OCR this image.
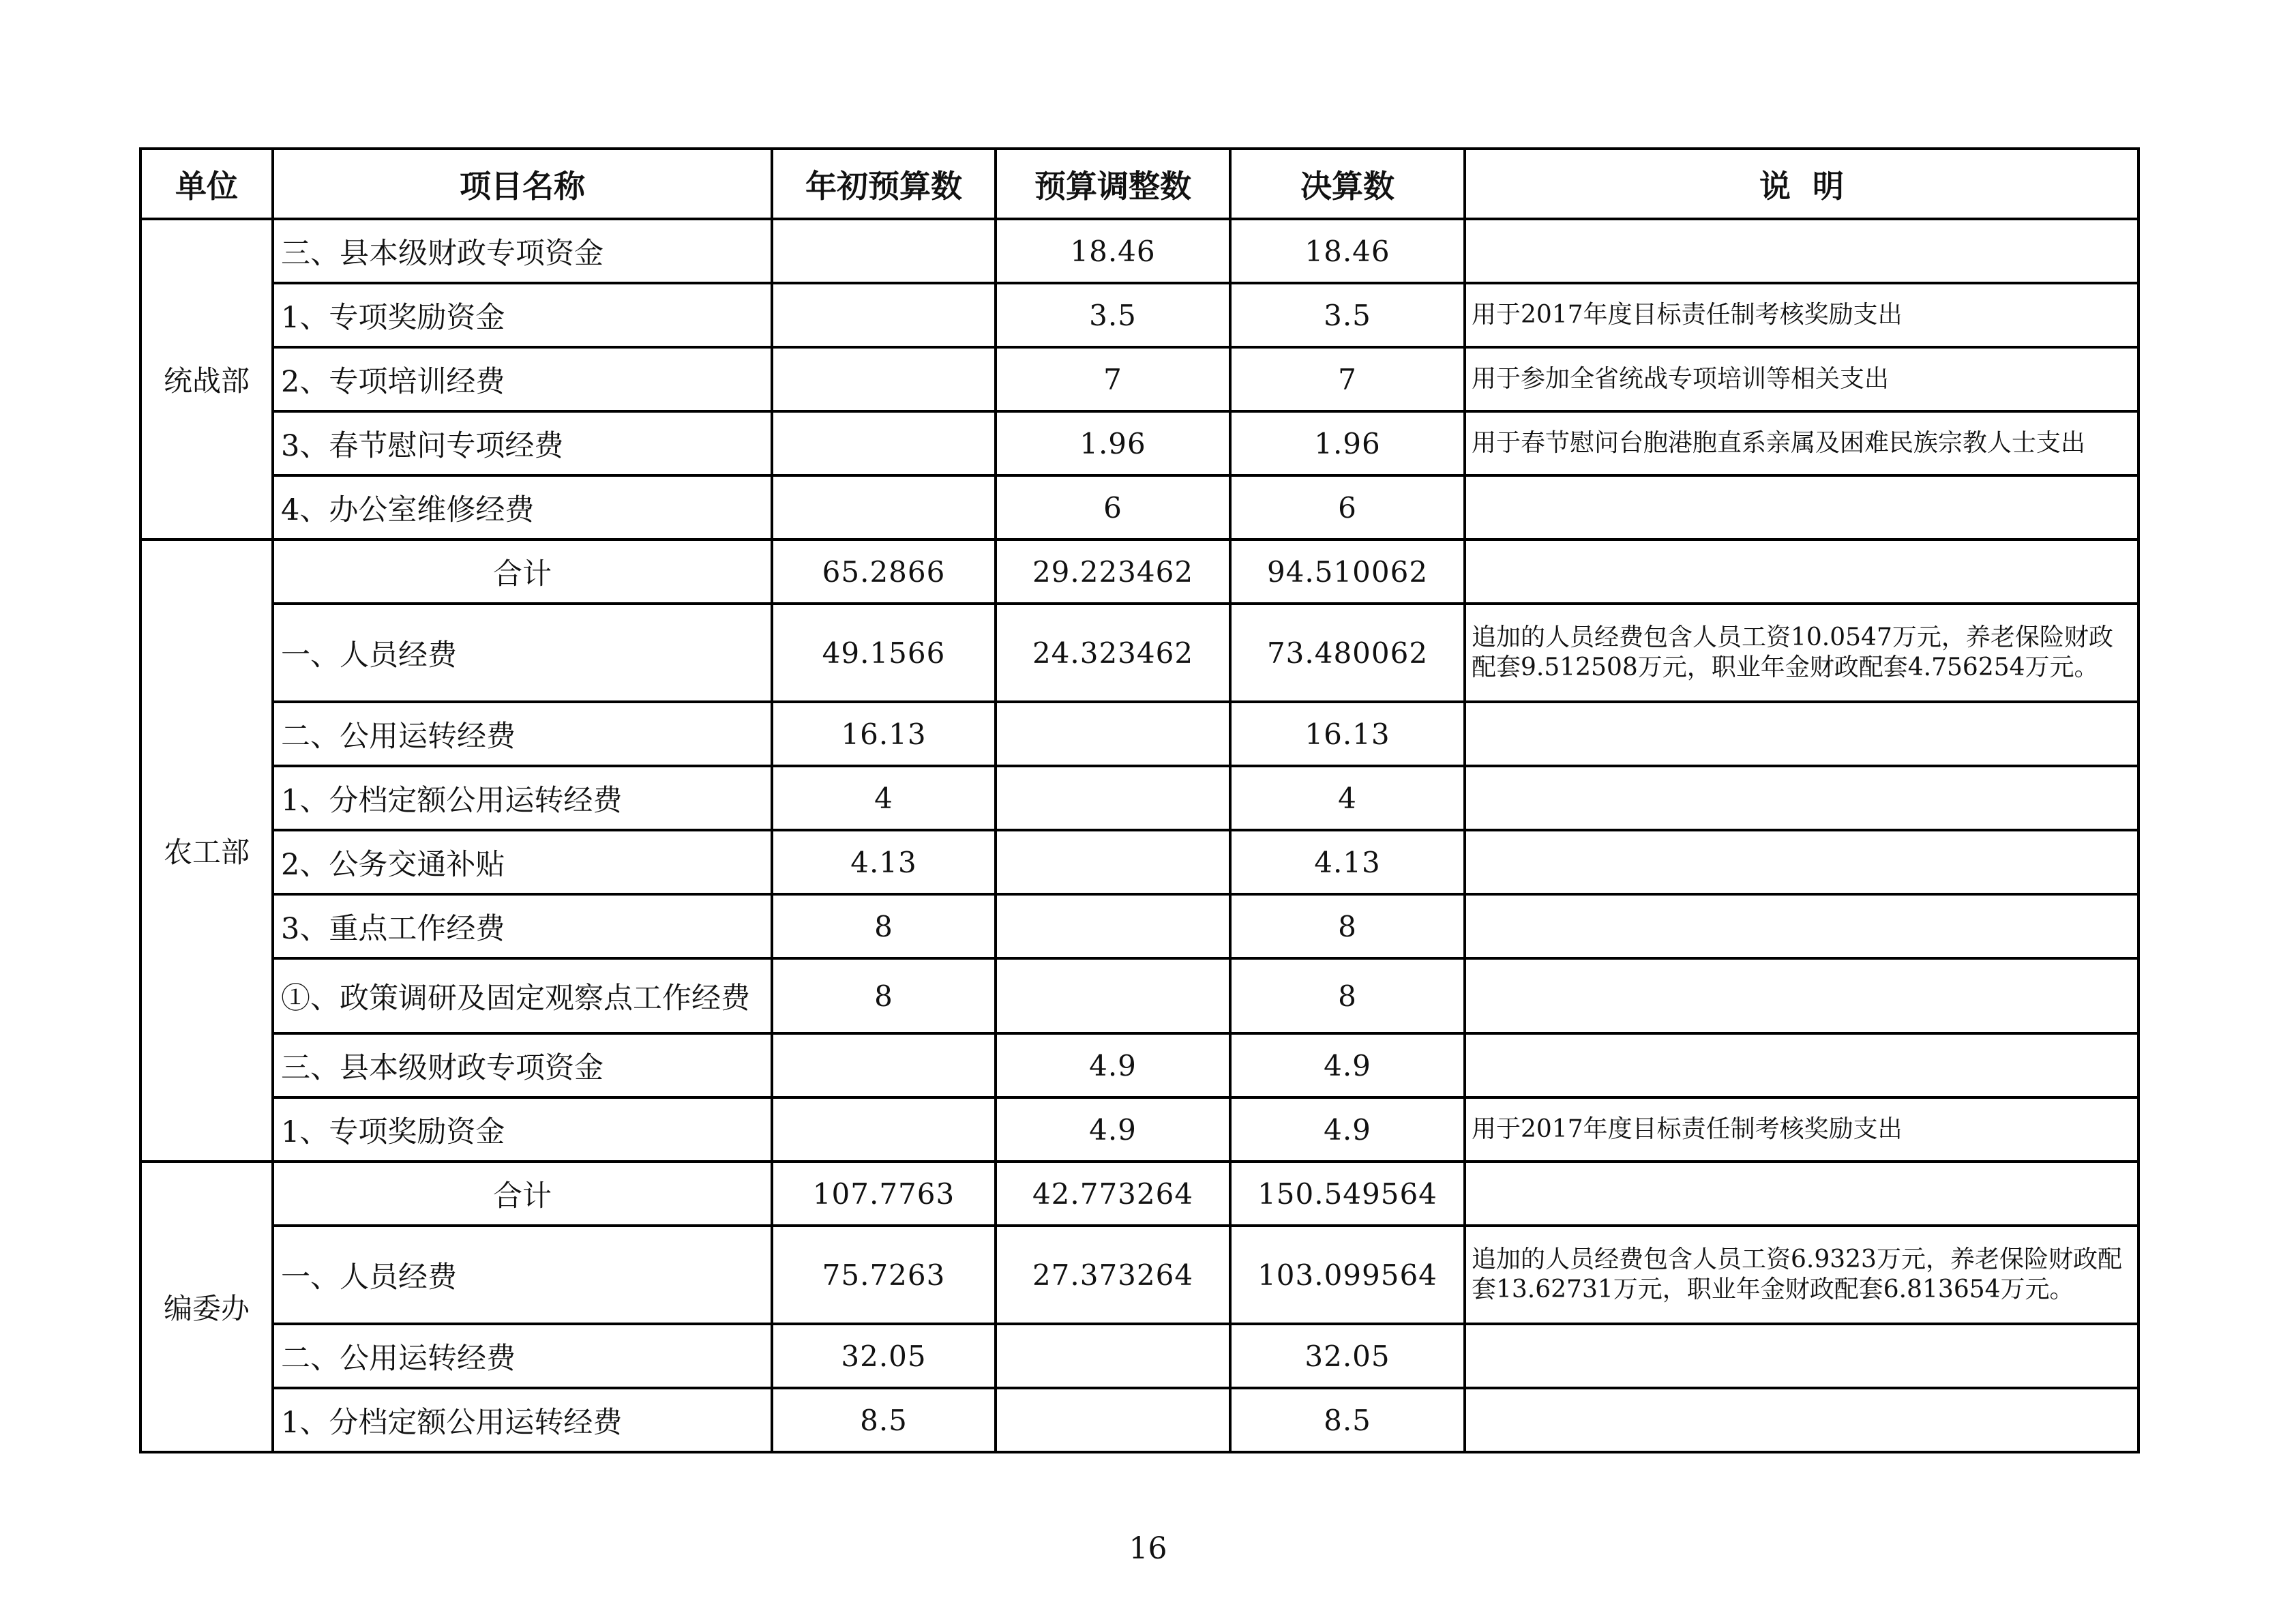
单位	项目名称	年初预算数	预算调整数	决算数	说  明
统战部	三、县本级财政专项资金		18.46	18.46	
	1、专项奖励资金		3.5	3.5	用于2017年度目标责任制考核奖励支出
	2、专项培训经费		7	7	用于参加全省统战专项培训等相关支出
	3、春节慰问专项经费		1.96	1.96	用于春节慰问台胞港胞直系亲属及困难民族宗教人士支出
	4、办公室维修经费		6	6	
农工部	合计	65.2866	29.223462	94.510062	
	一、人员经费	49.1566	24.323462	73.480062	追加的人员经费包含人员工资10.0547万元，养老保险财政配套9.512508万元，职业年金财政配套4.756254万元。
	二、公用运转经费	16.13		16.13	
	1、分档定额公用运转经费	4		4	
	2、公务交通补贴	4.13		4.13	
	3、重点工作经费	8		8	
	①、政策调研及固定观察点工作经费	8		8	
	三、县本级财政专项资金		4.9	4.9	
	1、专项奖励资金		4.9	4.9	用于2017年度目标责任制考核奖励支出
编委办	合计	107.7763	42.773264	150.549564	
	一、人员经费	75.7263	27.373264	103.099564	追加的人员经费包含人员工资6.9323万元，养老保险财政配套13.62731万元，职业年金财政配套6.813654万元。
	二、公用运转经费	32.05		32.05	
	1、分档定额公用运转经费	8.5		8.5	
16
